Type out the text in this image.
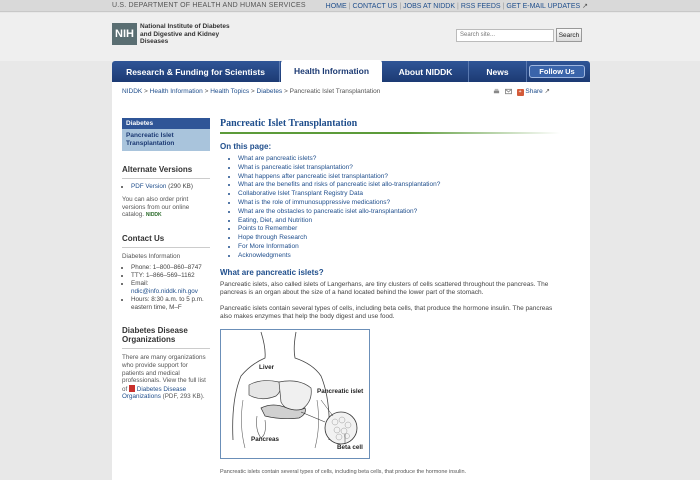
U.S. DEPARTMENT OF HEALTH AND HUMAN SERVICES	HOME | CONTACT US | JOBS AT NIDDK | RSS FEEDS | GET E-MAIL UPDATES ↗
NIH
National Institute of Diabetes and Digestive and Kidney Diseases
Search site...	Search
Research & Funding for Scientists	Health Information	About NIDDK	News	Follow Us
NIDDK > Health Information > Health Topics > Diabetes > Pancreatic Islet Transplantation	+ Share ↗
Diabetes
Pancreatic Islet Transplantation
Alternate Versions
• PDF Version (290 KB)

You can also order print versions from our online catalog. NIDDK

Contact Us

Diabetes Information

• Phone: 1–800–860–8747
• TTY: 1–866–569–1162
• Email:
ndic@info.niddk.nih.gov
• Hours: 8:30 a.m. to 5 p.m. eastern time, M–F
Diabetes Disease Organizations

There are many organizations who provide support for patients and medical professionals. View the full list of Diabetes Disease Organizations (PDF, 293 KB).

Pancreatic Islet Transplantation
On this page:
• What are pancreatic islets?
• What is pancreatic islet transplantation?
• What happens after pancreatic islet transplantation?
• What are the benefits and risks of pancreatic islet allo-transplantation?
• Collaborative Islet Transplant Registry Data
• What is the role of immunosuppressive medications?
• What are the obstacles to pancreatic islet allo-transplantation?
• Eating, Diet, and Nutrition
• Points to Remember
• Hope through Research
• For More Information
• Acknowledgments
What are pancreatic islets?

Pancreatic islets, also called islets of Langerhans, are tiny clusters of cells scattered throughout the pancreas. The pancreas is an organ about the size of a hand located behind the lower part of the stomach.

Pancreatic islets contain several types of cells, including beta cells, that produce the hormone insulin. The pancreas also makes enzymes that help the body digest and use food.

Liver
Pancreatic islet
Pancreas
Beta cell
Pancreatic islets contain several types of cells, including beta cells, that produce the hormone insulin.
